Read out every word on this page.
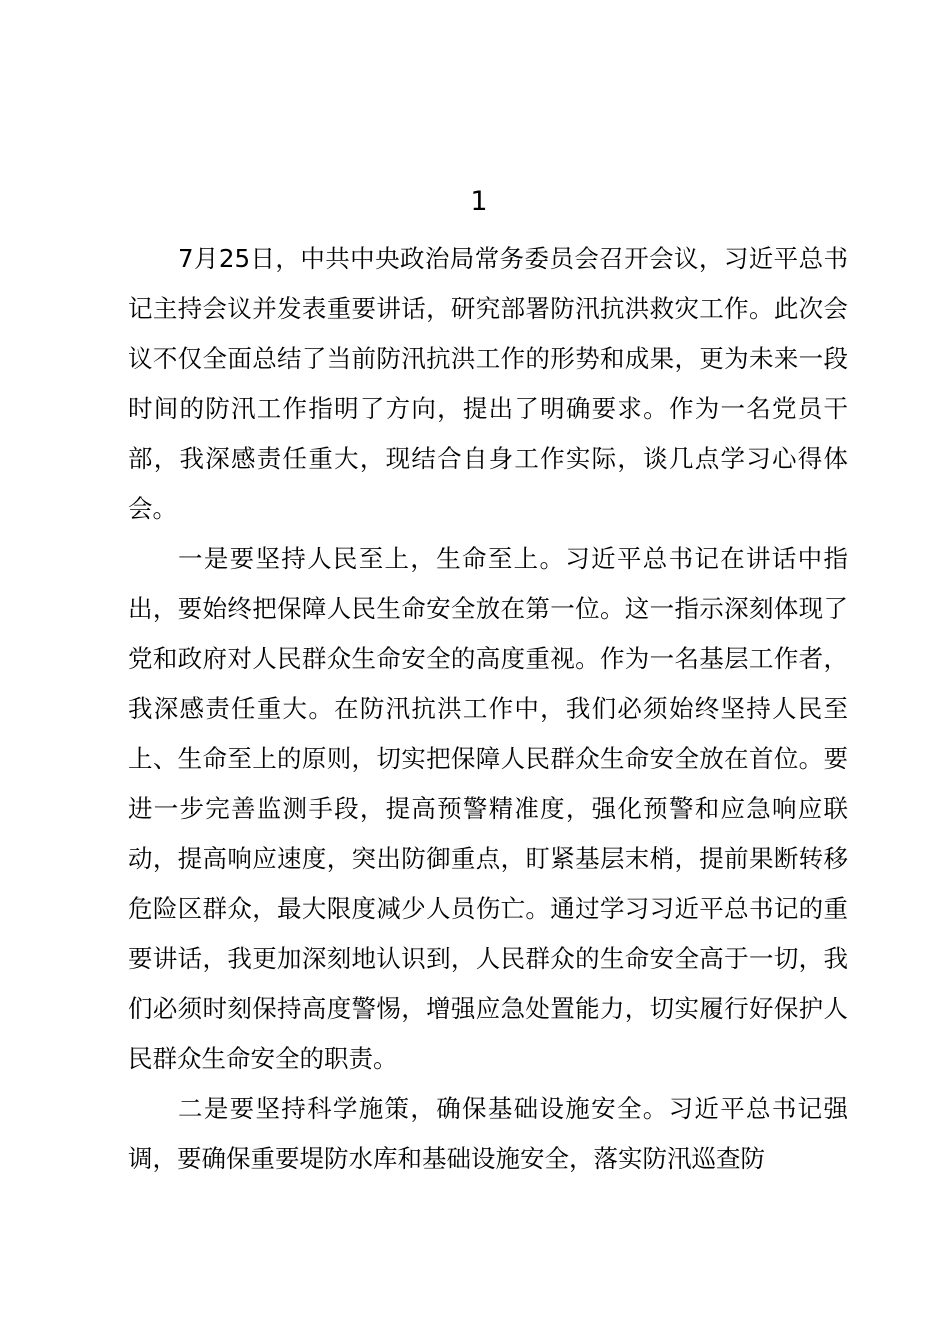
1

7月25日，中共中央政治局常务委员会召开会议，习近平总书记主持会议并发表重要讲话，研究部署防汛抗洪救灾工作。此次会议不仅全面总结了当前防汛抗洪工作的形势和成果，更为未来一段时间的防汛工作指明了方向，提出了明确要求。作为一名党员干部，我深感责任重大，现结合自身工作实际，谈几点学习心得体会。

一是要坚持人民至上，生命至上。习近平总书记在讲话中指出，要始终把保障人民生命安全放在第一位。这一指示深刻体现了党和政府对人民群众生命安全的高度重视。作为一名基层工作者，我深感责任重大。在防汛抗洪工作中，我们必须始终坚持人民至上、生命至上的原则，切实把保障人民群众生命安全放在首位。要进一步完善监测手段，提高预警精准度，强化预警和应急响应联动，提高响应速度，突出防御重点，盯紧基层末梢，提前果断转移危险区群众，最大限度减少人员伤亡。通过学习习近平总书记的重要讲话，我更加深刻地认识到，人民群众的生命安全高于一切，我们必须时刻保持高度警惕，增强应急处置能力，切实履行好保护人民群众生命安全的职责。

二是要坚持科学施策，确保基础设施安全。习近平总书记强调，要确保重要堤防水库和基础设施安全，落实防汛巡查防
